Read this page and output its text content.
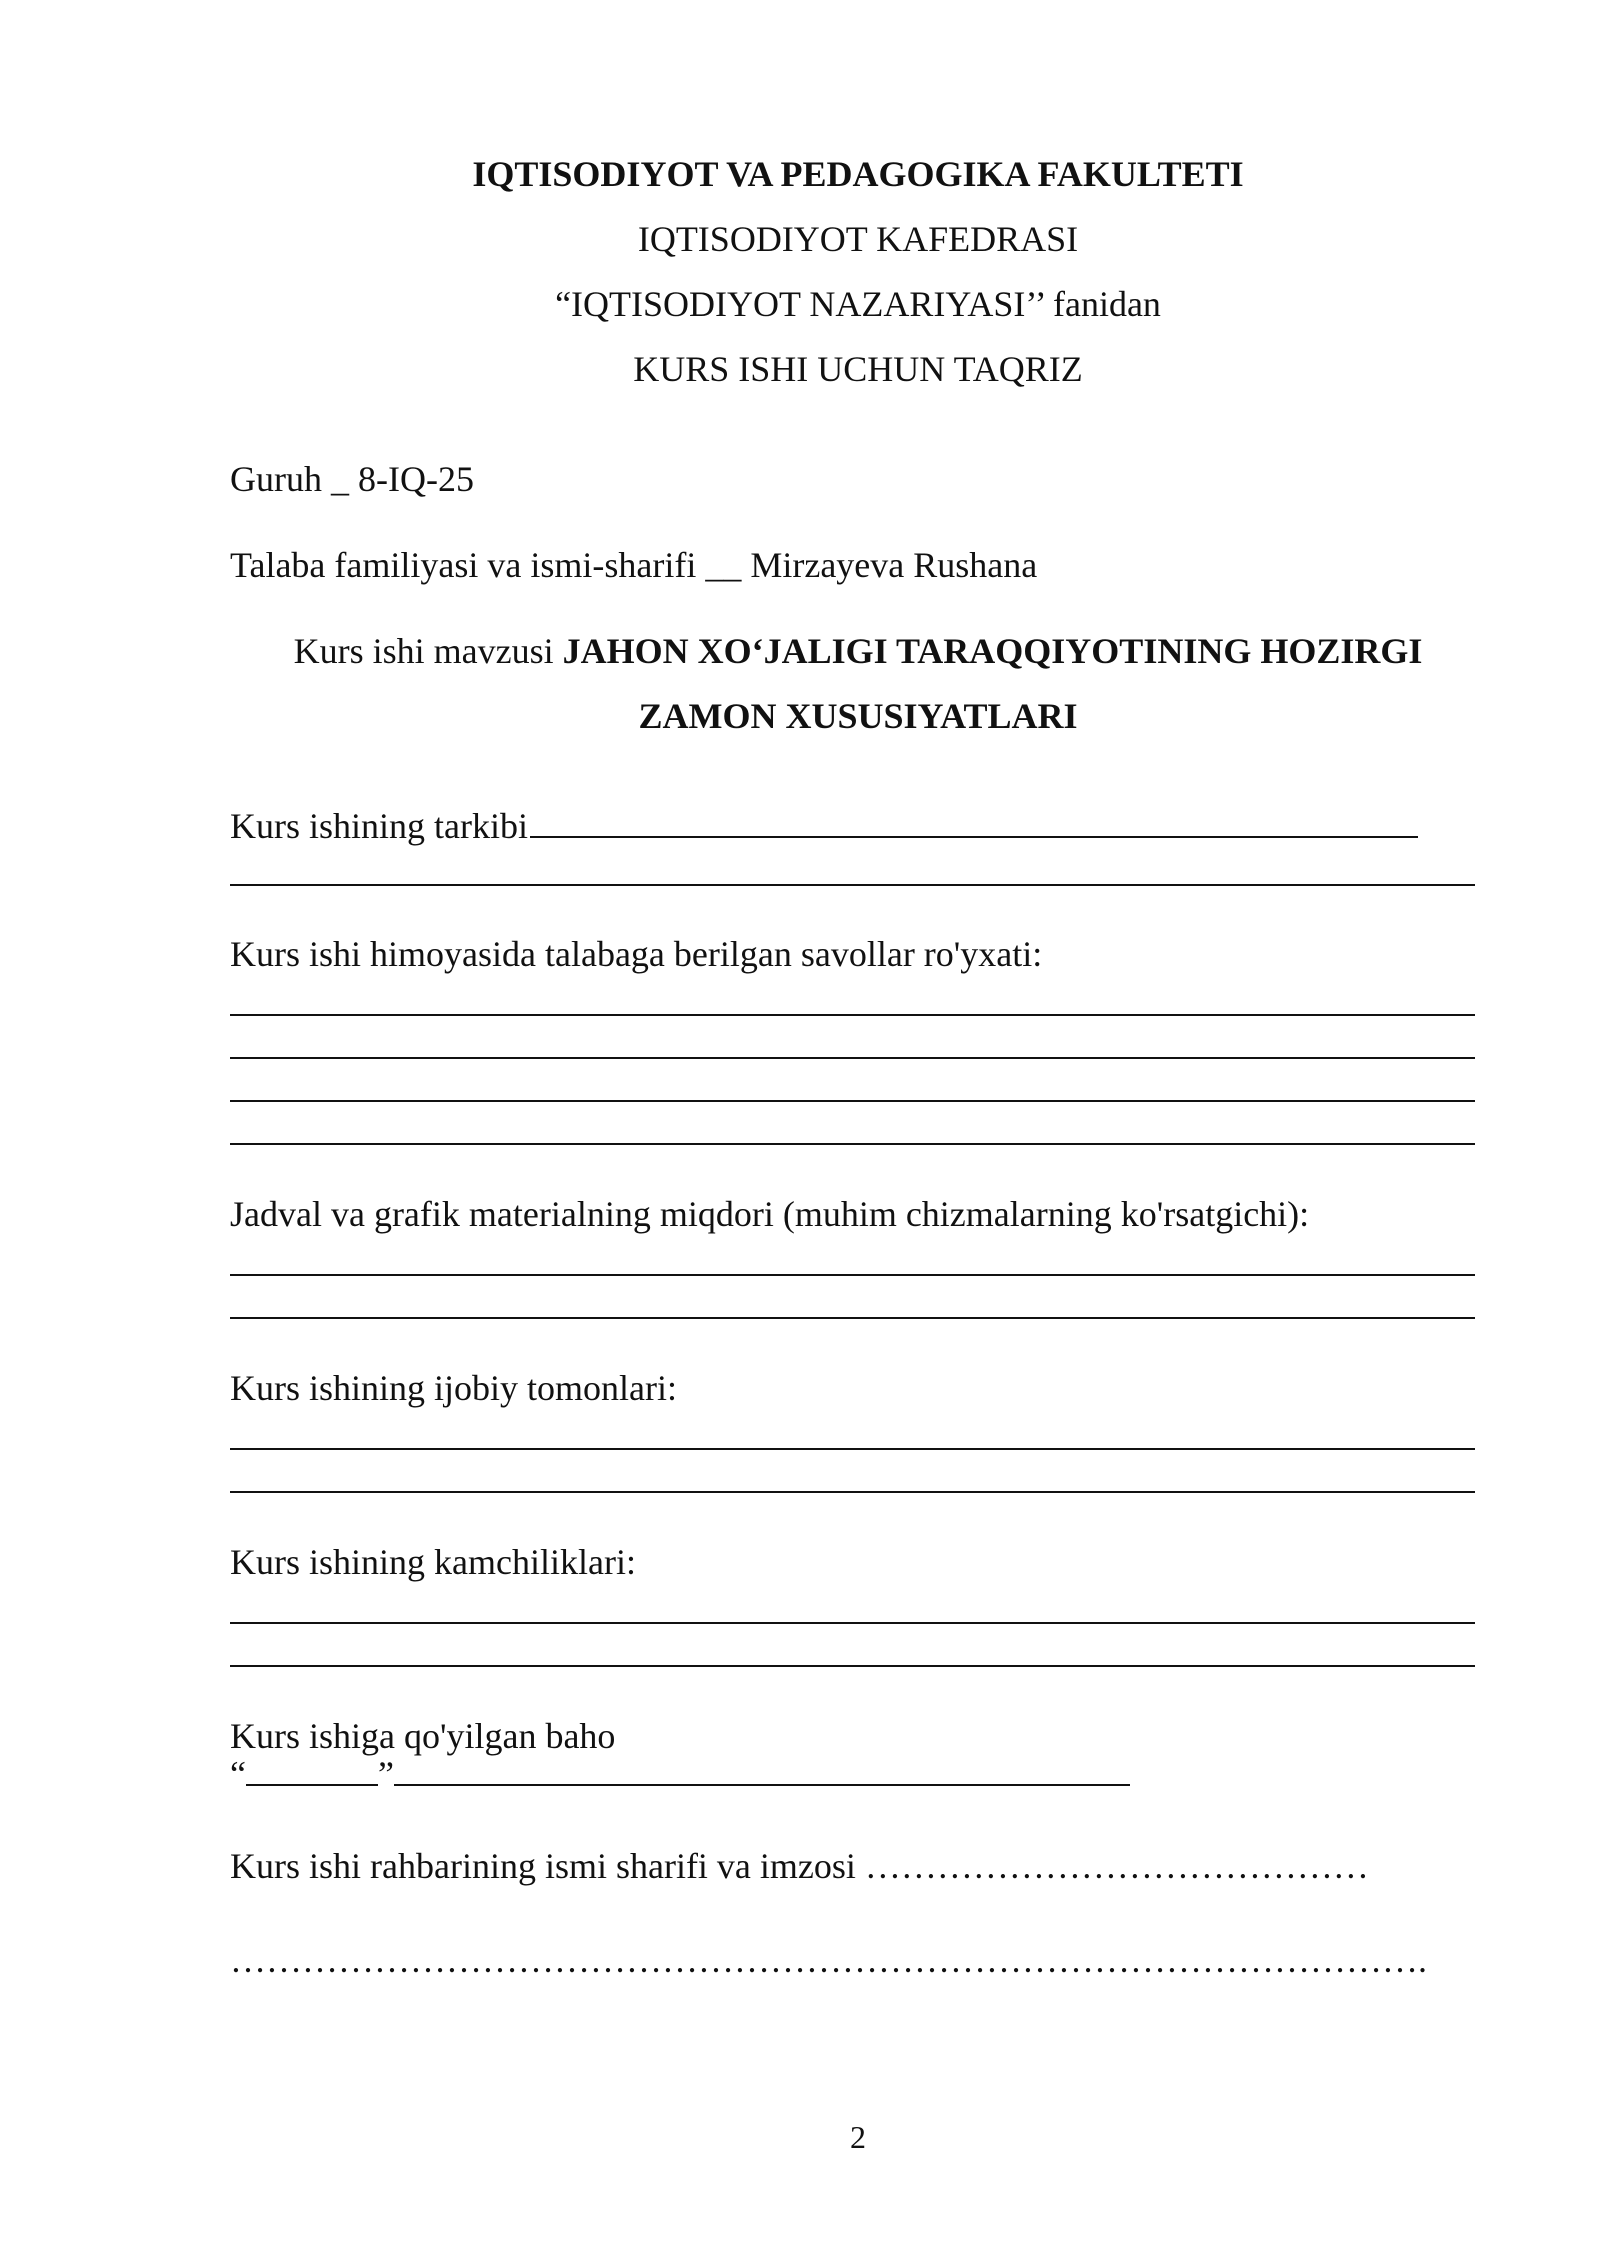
IQTISODIYOT VA PEDAGOGIKA FAKULTETI
IQTISODIYOT KAFEDRASI
“IQTISODIYOT NAZARIYASI’’ fanidan
KURS ISHI UCHUN TAQRIZ
Guruh _ 8-IQ-25
Talaba familiyasi va ismi-sharifi __ Mirzayeva Rushana
Kurs ishi mavzusi JAHON XO‘JALIGI TARAQQIYOTINING HOZIRGI
ZAMON XUSUSIYATLARI
Kurs ishining tarkibi
Kurs ishi himoyasida talabaga berilgan savollar ro'yxati:
Jadval va grafik materialning miqdori (muhim chizmalarning ko'rsatgichi):
Kurs ishining ijobiy tomonlari:
Kurs ishining kamchiliklari:
Kurs ishiga qo'yilgan baho
“	”
Kurs ishi rahbarining ismi sharifi va imzosi ……………………………………
……………………………………………………………………………………….
2
